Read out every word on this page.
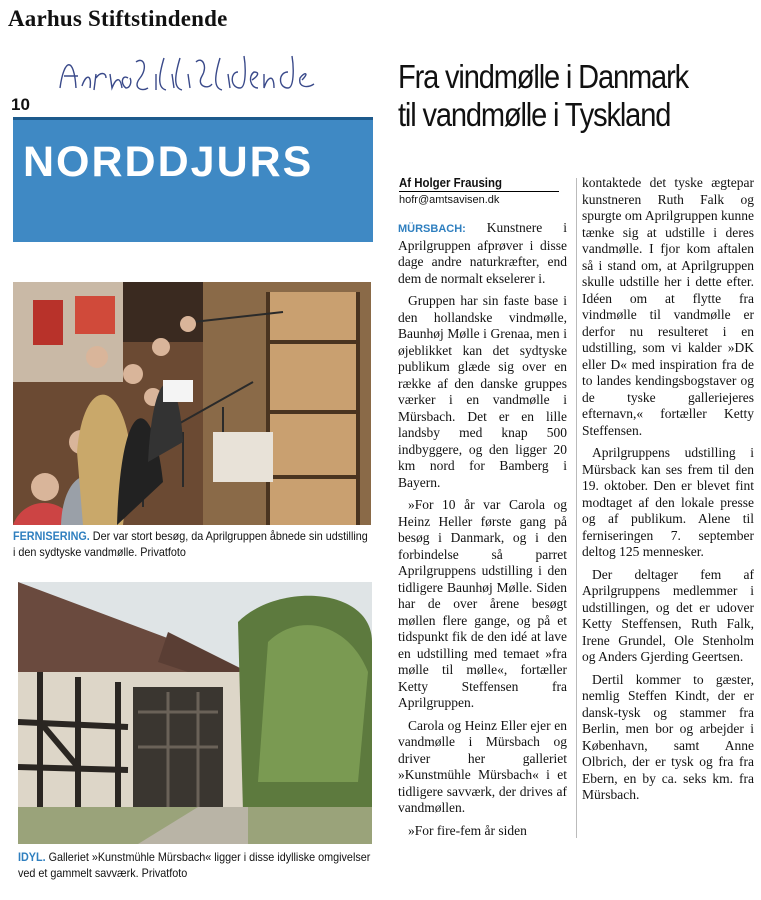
Aarhus Stiftstindende
10
NORDDJURS
Fra vindmølle i Danmark
til vandmølle i Tyskland
FERNISERING. Der var stort besøg, da Aprilgruppen åbnede sin udstilling i den sydtyske vandmølle. Privatfoto
IDYL. Galleriet »Kunstmühle Mürsbach« ligger i disse idylliske omgivelser ved et gammelt savværk. Privatfoto
Af Holger Frausing
hofr@amtsavisen.dk

MÜRSBACH: Kunstnere i Aprilgruppen afprøver i disse dage andre naturkræfter, end dem de normalt ekselerer i.

Gruppen har sin faste base i den hollandske vindmølle, Baunhøj Mølle i Grenaa, men i øjeblikket kan det sydtyske publikum glæde sig over en række af den danske gruppes værker i en vandmølle i Mürsbach. Det er en lille landsby med knap 500 indbyggere, og den ligger 20 km nord for Bamberg i Bayern.

»For 10 år var Carola og Heinz Heller første gang på besøg i Danmark, og i den forbindelse så parret Aprilgruppens udstilling i den tidligere Baunhøj Mølle. Siden har de over årene besøgt møllen flere gange, og på et tidspunkt fik de den idé at lave en udstilling med temaet »fra mølle til mølle«, fortæller Ketty Steffensen fra Aprilgruppen.

Carola og Heinz Eller ejer en vandmølle i Mürsbach og driver her galleriet »Kunstmühle Mürsbach« i et tidligere savværk, der drives af vandmøllen.

»For fire-fem år siden

kontaktede det tyske ægtepar kunstneren Ruth Falk og spurgte om Aprilgruppen kunne tænke sig at udstille i deres vandmølle. I fjor kom aftalen så i stand om, at Aprilgruppen skulle udstille her i dette efter. Idéen om at flytte fra vindmølle til vandmølle er derfor nu resulteret i en udstilling, som vi kalder »DK eller D« med inspiration fra de to landes kendingsbogstaver og de tyske galleriejeres efternavn,« fortæller Ketty Steffensen.

Aprilgruppens udstilling i Mürsback kan ses frem til den 19. oktober. Den er blevet fint modtaget af den lokale presse og af publikum. Alene til ferniseringen 7. september deltog 125 mennesker.

Der deltager fem af Aprilgruppens medlemmer i udstillingen, og det er udover Ketty Steffensen, Ruth Falk, Irene Grundel, Ole Stenholm og Anders Gjerding Geertsen.

Dertil kommer to gæster, nemlig Steffen Kindt, der er dansk-tysk og stammer fra Berlin, men bor og arbejder i København, samt Anne Olbrich, der er tysk og fra fra Ebern, en by ca. seks km. fra Mürsbach.
